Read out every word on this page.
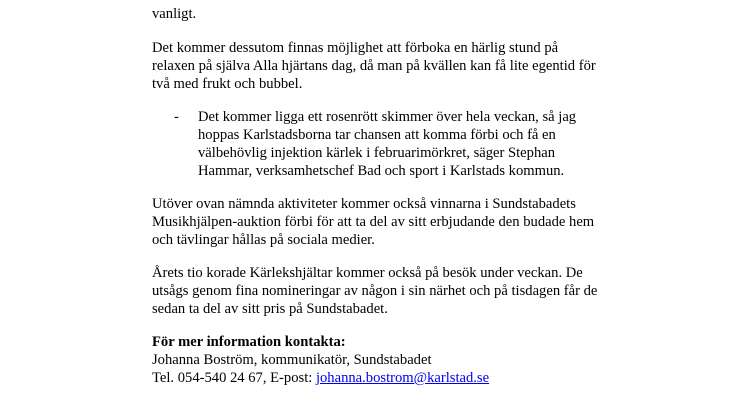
vanligt.
Det kommer dessutom finnas möjlighet att förboka en härlig stund på
relaxen på själva Alla hjärtans dag, då man på kvällen kan få lite egentid för
två med frukt och bubbel.
- Det kommer ligga ett rosenrött skimmer över hela veckan, så jag
hoppas Karlstadsborna tar chansen att komma förbi och få en
välbehövlig injektion kärlek i februarimörkret, säger Stephan
Hammar, verksamhetschef Bad och sport i Karlstads kommun.
Utöver ovan nämnda aktiviteter kommer också vinnarna i Sundstabadets
Musikhjälpen-auktion förbi för att ta del av sitt erbjudande den budade hem
och tävlingar hållas på sociala medier.
Årets tio korade Kärlekshjältar kommer också på besök under veckan. De
utsågs genom fina nomineringar av någon i sin närhet och på tisdagen får de
sedan ta del av sitt pris på Sundstabadet.
För mer information kontakta:
Johanna Boström, kommunikatör, Sundstabadet
Tel. 054-540 24 67, E-post: johanna.bostrom@karlstad.se
